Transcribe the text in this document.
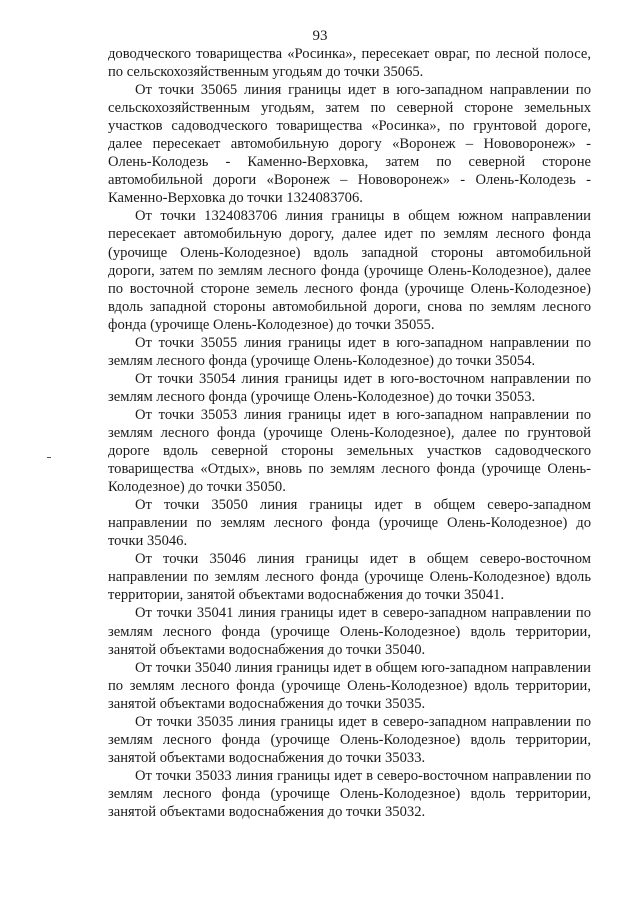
93

доводческого товарищества «Росинка», пересекает овраг, по лесной полосе, по сельскохозяйственным угодьям до точки 35065.

От точки 35065 линия границы идет в юго-западном направлении по сельскохозяйственным угодьям, затем по северной стороне земельных участков садоводческого товарищества «Росинка», по грунтовой дороге, далее пересекает автомобильную дорогу «Воронеж – Нововоронеж» - Олень-Колодезь - Каменно-Верховка, затем по северной стороне автомобильной дороги «Воронеж – Нововоронеж» - Олень-Колодезь - Каменно-Верховка до точки 1324083706.

От точки 1324083706 линия границы в общем южном направлении пересекает автомобильную дорогу, далее идет по землям лесного фонда (урочище Олень-Колодезное) вдоль западной стороны автомобильной дороги, затем по землям лесного фонда (урочище Олень-Колодезное), далее по восточной стороне земель лесного фонда (урочище Олень-Колодезное) вдоль западной стороны автомобильной дороги, снова по землям лесного фонда (урочище Олень-Колодезное) до точки 35055.

От точки 35055 линия границы идет в юго-западном направлении по землям лесного фонда (урочище Олень-Колодезное) до точки 35054.

От точки 35054 линия границы идет в юго-восточном направлении по землям лесного фонда (урочище Олень-Колодезное) до точки 35053.

От точки 35053 линия границы идет в юго-западном направлении по землям лесного фонда (урочище Олень-Колодезное), далее по грунтовой дороге вдоль северной стороны земельных участков садоводческого товарищества «Отдых», вновь по землям лесного фонда (урочище Олень-Колодезное) до точки 35050.

От точки 35050 линия границы идет в общем северо-западном направлении по землям лесного фонда (урочище Олень-Колодезное) до точки 35046.

От точки 35046 линия границы идет в общем северо-восточном направлении по землям лесного фонда (урочище Олень-Колодезное) вдоль территории, занятой объектами водоснабжения до точки 35041.

От точки 35041 линия границы идет в северо-западном направлении по землям лесного фонда (урочище Олень-Колодезное) вдоль территории, занятой объектами водоснабжения до точки 35040.

От точки 35040 линия границы идет в общем юго-западном направлении по землям лесного фонда (урочище Олень-Колодезное) вдоль территории, занятой объектами водоснабжения до точки 35035.

От точки 35035 линия границы идет в северо-западном направлении по землям лесного фонда (урочище Олень-Колодезное) вдоль территории, занятой объектами водоснабжения до точки 35033.

От точки 35033 линия границы идет в северо-восточном направлении по землям лесного фонда (урочище Олень-Колодезное) вдоль территории, занятой объектами водоснабжения до точки 35032.
